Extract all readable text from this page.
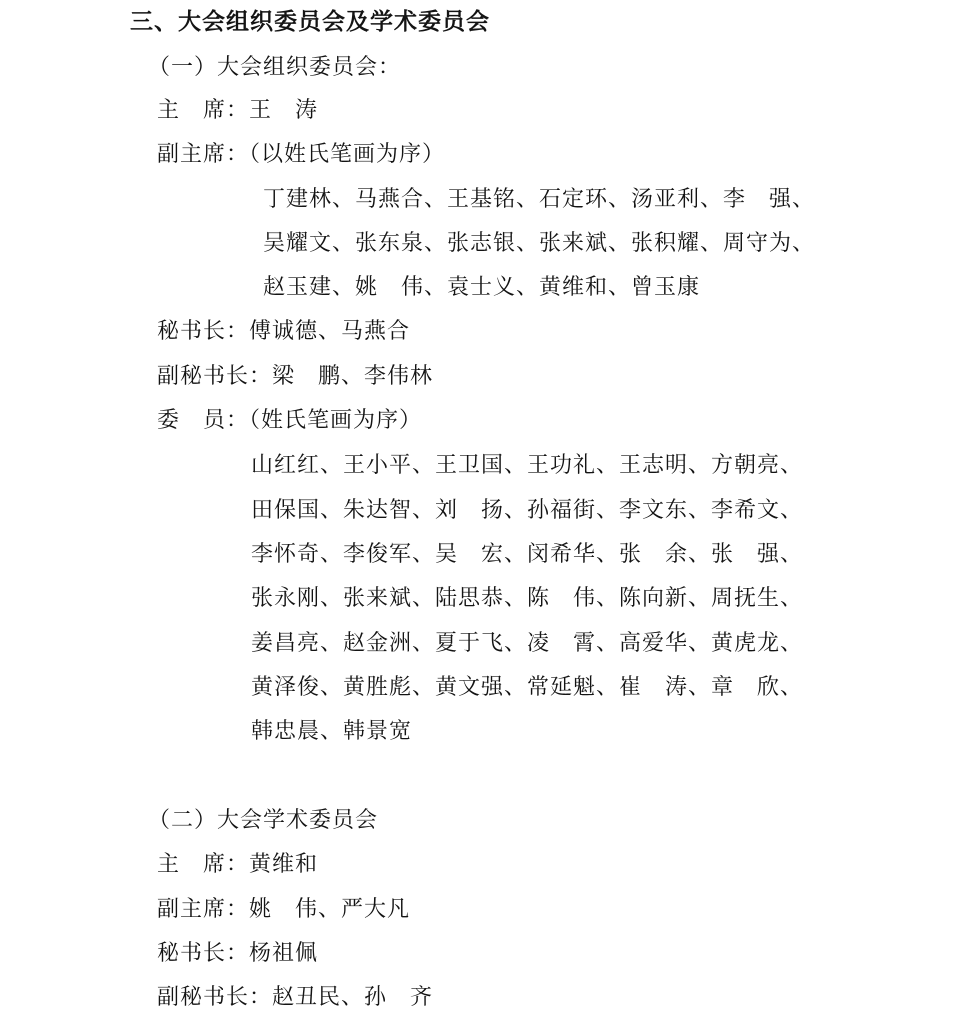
三、大会组织委员会及学术委员会
（一）大会组织委员会：
主　席：王　涛
副主席：（以姓氏笔画为序）
丁建林、马燕合、王基铭、石定环、汤亚利、李　强、
吴耀文、张东泉、张志银、张来斌、张积耀、周守为、
赵玉建、姚　伟、袁士义、黄维和、曾玉康
秘书长：傅诚德、马燕合
副秘书长：梁　鹏、李伟林
委　员：（姓氏笔画为序）
山红红、王小平、王卫国、王功礼、王志明、方朝亮、
田保国、朱达智、刘　扬、孙福街、李文东、李希文、
李怀奇、李俊军、吴　宏、闵希华、张　余、张　强、
张永刚、张来斌、陆思恭、陈　伟、陈向新、周抚生、
姜昌亮、赵金洲、夏于飞、凌　霄、高爱华、黄虎龙、
黄泽俊、黄胜彪、黄文强、常延魁、崔　涛、章　欣、
韩忠晨、韩景宽
（二）大会学术委员会
主　席：黄维和
副主席：姚　伟、严大凡
秘书长：杨祖佩
副秘书长：赵丑民、孙　齐
